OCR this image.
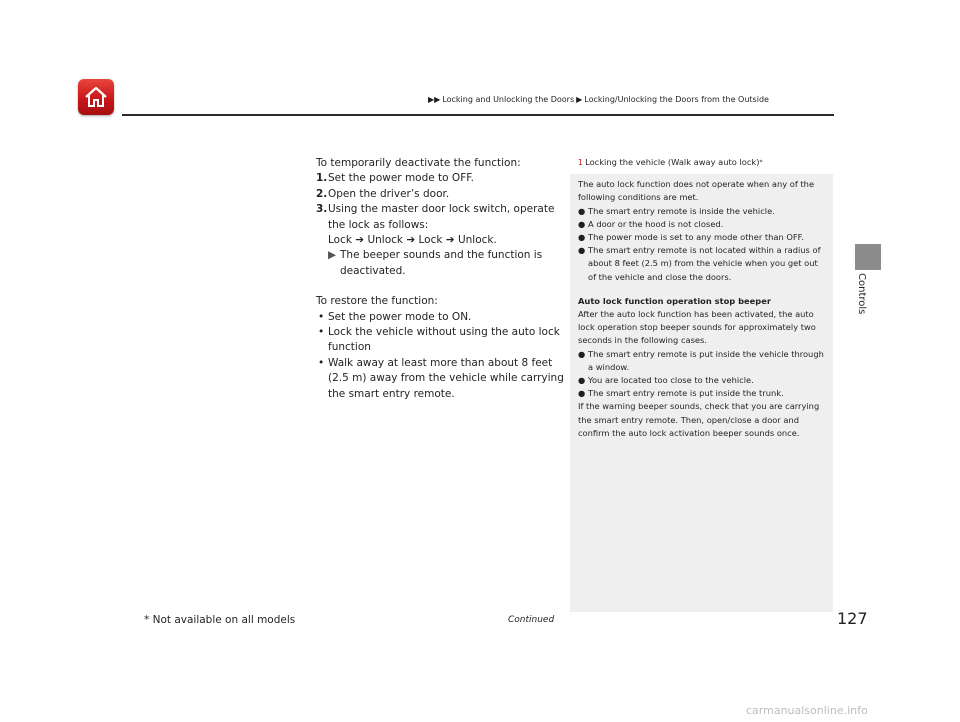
▶▶ Locking and Unlocking the Doors ▶ Locking/Unlocking the Doors from the Outside

To temporarily deactivate the function:

1. Set the power mode to OFF.
2. Open the driver’s door.
3. Using the master door lock switch, operate the lock as follows:
Lock ➔ Unlock ➔ Lock ➔ Unlock.
▶ The beeper sounds and the function is deactivated.

To restore the function:

• Set the power mode to ON.
• Lock the vehicle without using the auto lock function
• Walk away at least more than about 8 feet (2.5 m) away from the vehicle while carrying the smart entry remote.
1 Locking the vehicle (Walk away auto lock) *

The auto lock function does not operate when any of the following conditions are met.

● The smart entry remote is inside the vehicle.
● A door or the hood is not closed.
● The power mode is set to any mode other than OFF.
● The smart entry remote is not located within a radius of about 8 feet (2.5 m) from the vehicle when you get out of the vehicle and close the doors.

Auto lock function operation stop beeper

After the auto lock function has been activated, the auto lock operation stop beeper sounds for approximately two seconds in the following cases.

● The smart entry remote is put inside the vehicle through a window.
● You are located too close to the vehicle.
● The smart entry remote is put inside the trunk.

If the warning beeper sounds, check that you are carrying the smart entry remote. Then, open/close a door and confirm the auto lock activation beeper sounds once.

Controls
* Not available on all models	Continued	127
carmanualsonline.info
